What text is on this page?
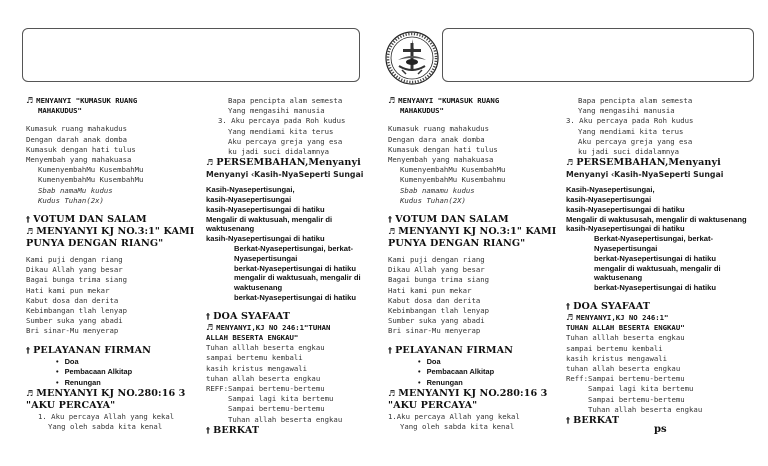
♬ MENYANYI "KUMASUK RUANG
MAHAKUDUS"
Kumasuk ruang mahakudus
Dengan darah anak domba
Kumasuk dengan hati tulus
Menyembah yang mahakuasa
KumenyembahMu KusembahMu
KumenyembahMu KusembahMu
Sbab namaMu kudus
Kudus Tuhan(2x)
† VOTUM DAN SALAM
♬ MENYANYI KJ NO.3:1" KAMI
PUNYA DENGAN RIANG"
Kami puji dengan riang
Dikau Allah yang besar
Bagai bunga trima siang
Hati kami pun mekar
Kabut dosa dan derita
Kebimbangan tlah lenyap
Sumber suka yang abadi
Bri sinar-Mu menyerap
† PELAYANAN FIRMAN
• Doa
• Pembacaan Alkitap
• Renungan
♬ MENYANYI KJ NO.280:16 3
"AKU PERCAYA"
1. Aku percaya Allah yang kekal
Yang oleh sabda kita kenal
Bapa pencipta alam semesta
Yang mengasihi manusia
3. Aku percaya pada Roh kudus
Yang mendiami kita terus
Aku percaya greja yang esa
ku jadi suci didalamnya
♬ PERSEMBAHAN,Menyanyi
Menyanyi ‹Kasih-NyaSeperti Sungai
Kasih-Nyasepertisungai,
kasih-Nyasepertisungai
kasih-Nyasepertisungai di hatiku
Mengalir di waktusuah, mengalir di waktusenang
kasih-Nyasepertisungai di hatiku
Berkat-Nyasepertisungai, berkat-Nyasepertisungai
berkat-Nyasepertisungai di hatiku
mengalir di waktusuah, mengalir di waktusenang
berkat-Nyasepertisungai di hatiku
† DOA SYAFAAT
♬ MENYANYI,KJ NO 246:1"TUHAN
ALLAH BESERTA ENGKAU"
Tuhan alllah beserta engkau
sampai bertemu kembali
kasih kristus mengawali
tuhan allah beserta engkau
REFF:Sampai bertemu-bertemu
Sampai lagi kita bertemu
Sampai bertemu-bertemu
Tuhan allah beserta engkau
† BERKAT
♬ MENYANYI "KUMASUK RUANG
MAHAKUDUS"
Kumasuk ruang mahakudus
Dengan dara anak domba
Kumasuk dengan hati tulus
Menyembah yang mahakuasa
KumenyembahMu KusembahMu
KumenyembahMu Kusembahmu
Sbab namamu kudus
Kudus Tuhan(2X)
† VOTUM DAN SALAM
♬ MENYANYI KJ NO.3:1" KAMI
PUNYA DENGAN RIANG"
Kami puji dengan riang
Dikau Allah yang besar
Bagai bunga trima siang
Hati kami pun mekar
Kabut dosa dan derita
Kebimbangan tlah lenyap
Sumber suka yang abadi
Bri sinar-Mu menyerap
† PELAYANAN FIRMAN
• Doa
• Pembacaan Alkitap
• Renungan
♬ MENYANYI KJ NO.280:16 3
"AKU PERCAYA"
1.Aku percaya Allah yang kekal
Yang oleh sabda kita kenal
Bapa pencipta alam semesta
Yang mengasihi manusia
3. Aku percaya pada Roh kudus
Yang mendiami kita terus
Aku percaya greja yang esa
ku jadi suci didalamnya
♬ PERSEMBAHAN,Menyanyi
Menyanyi ‹Kasih-NyaSeperti Sungai
Kasih-Nyasepertisungai,
kasih-Nyasepertisungai
kasih-Nyasepertisungai di hatiku
Mengalir di waktususah, mengalir di waktusenang
kasih-Nyasepertisungai di hatiku
Berkat-Nyasepertisungai, berkat-Nyasepertisungai
berkat-Nyasepertisungai di hatiku
mengalir di waktusuah, mengalir di waktusenang
berkat-Nyasepertisungai di hatiku
† DOA SYAFAAT
♬ MENYANYI,KJ NO 246:1"
TUHAN ALLAH BESERTA ENGKAU"
Tuhan alllah beserta engkau
sampai bertemu kembali
kasih kristus mengawali
tuhan allah beserta engkau
Reff:Sampai bertemu-bertemu
Sampai lagi kita bertemu
Sampai bertemu-bertemu
Tuhan allah beserta engkau
† BERKAT
ps
